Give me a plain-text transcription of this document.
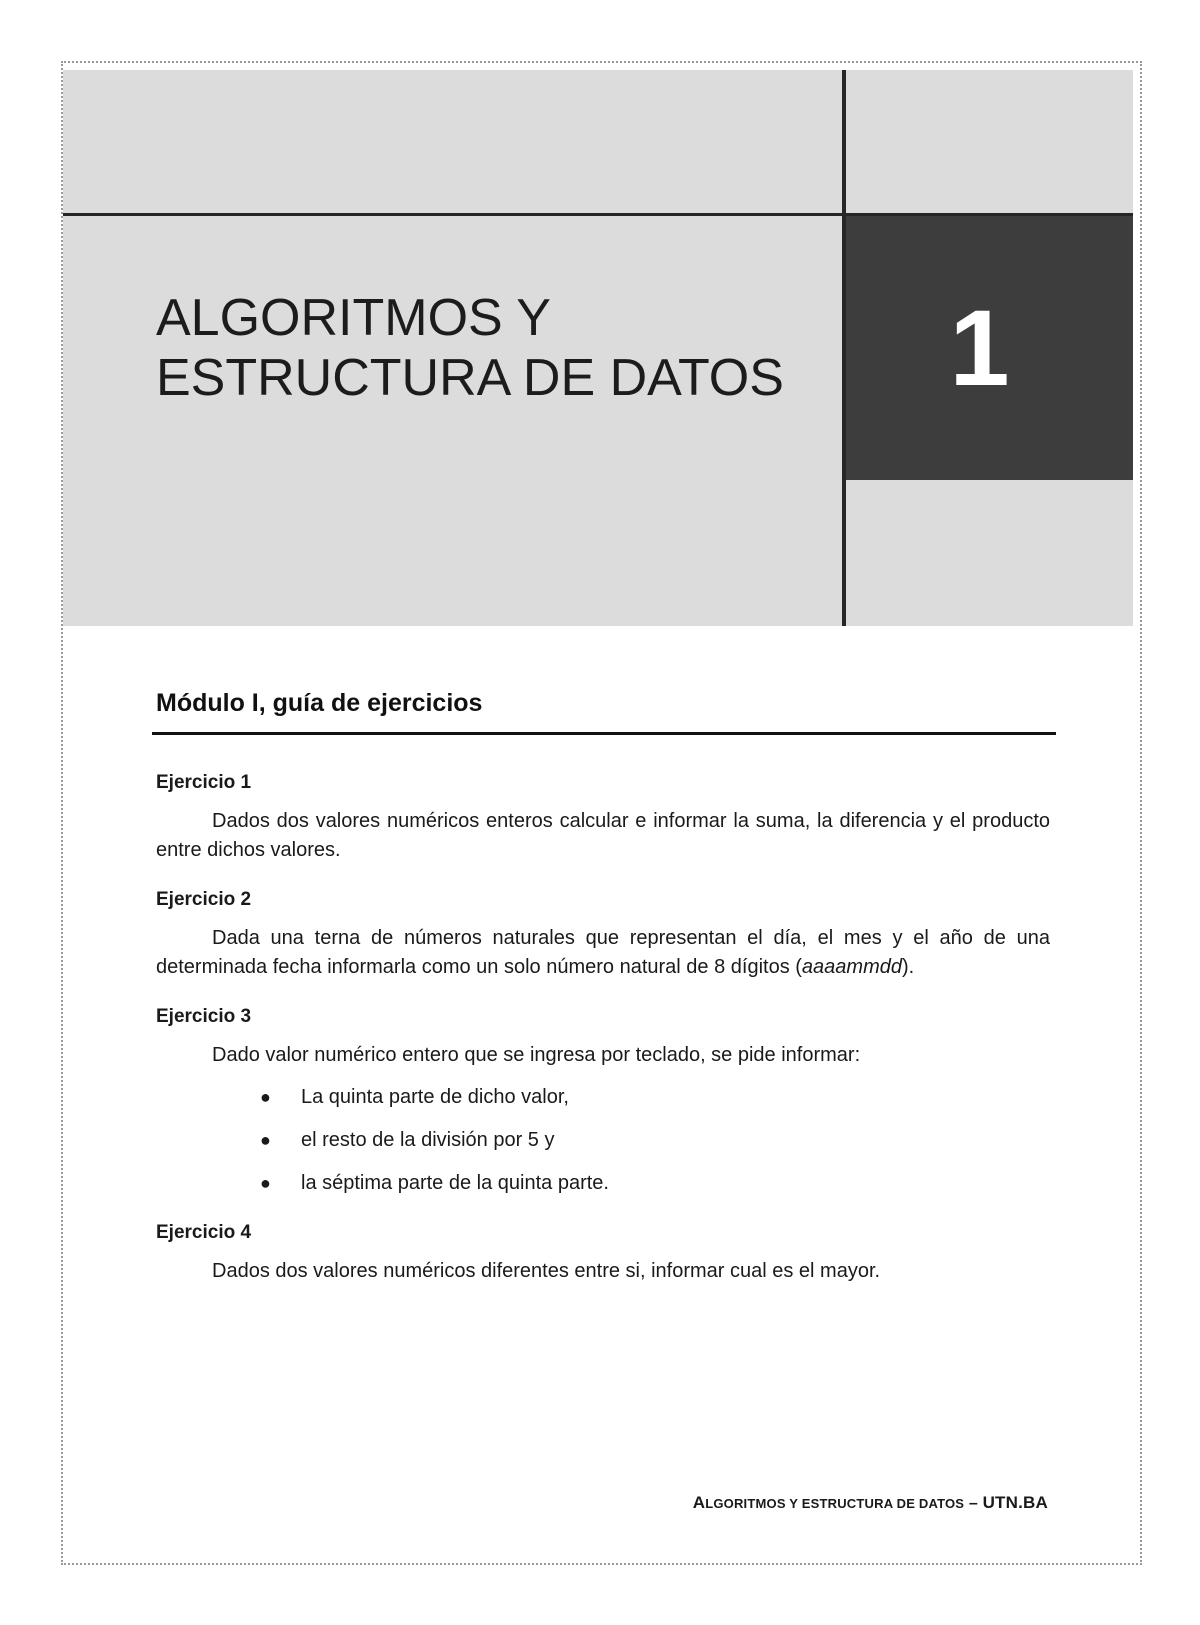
1
ALGORITMOS Y
ESTRUCTURA DE DATOS
Módulo I, guía de ejercicios

Ejercicio 1

Dados dos valores numéricos enteros calcular e informar la suma, la diferencia y el producto entre dichos valores.

Ejercicio 2

Dada una terna de números naturales que representan el día, el mes y el año de una determinada fecha informarla como un solo número natural de 8 dígitos (aaaammdd).

Ejercicio 3

Dado valor numérico entero que se ingresa por teclado, se pide informar:

● La quinta parte de dicho valor,
● el resto de la división por 5 y
● la séptima parte de la quinta parte.

Ejercicio 4

Dados dos valores numéricos diferentes entre si, informar cual es el mayor.

ALGORITMOS Y ESTRUCTURA DE DATOS – UTN.BA
